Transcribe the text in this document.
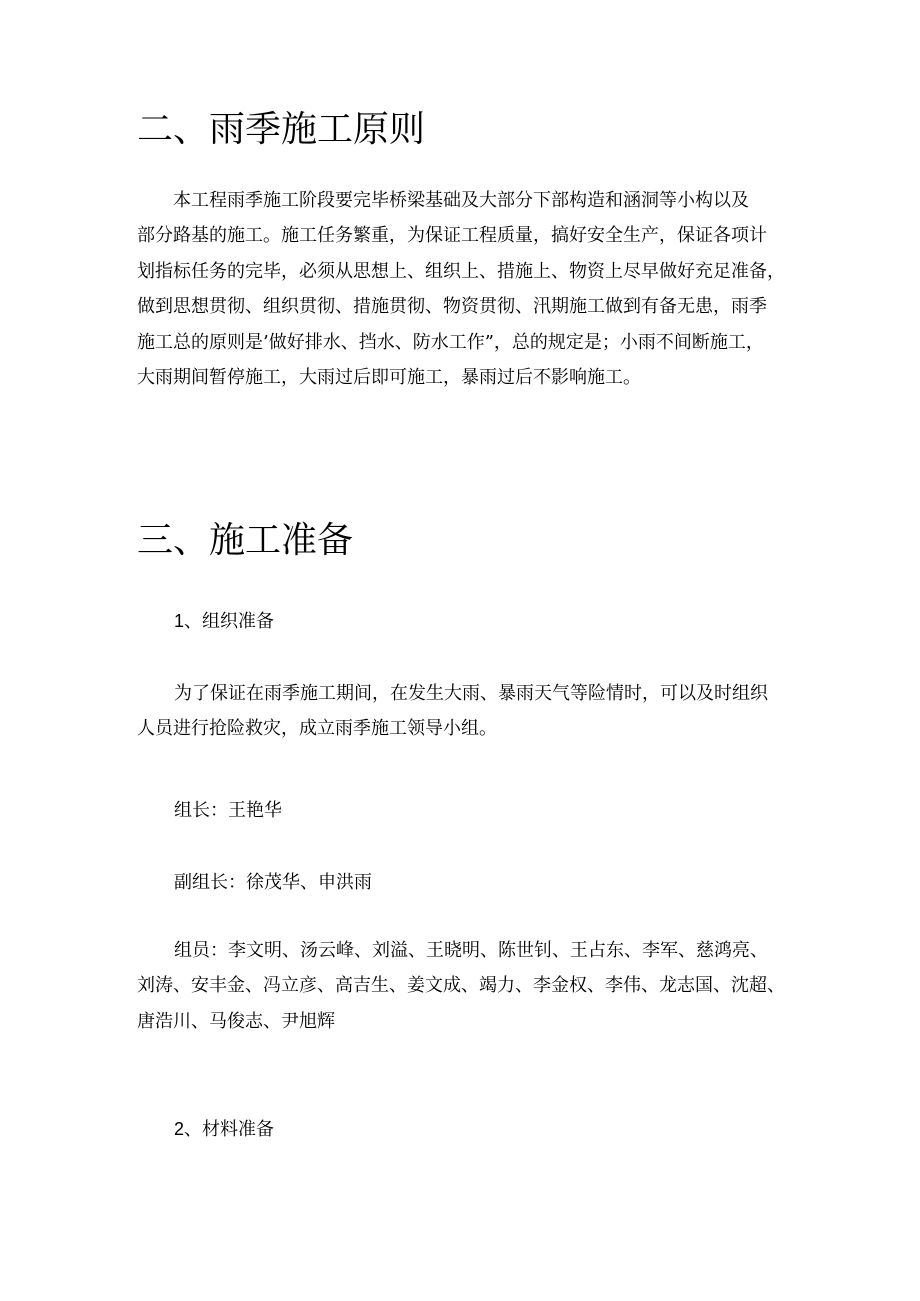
二、雨季施工原则
本工程雨季施工阶段要完毕桥梁基础及大部分下部构造和涵洞等小构以及
部分路基的施工。施工任务繁重，为保证工程质量，搞好安全生产，保证各项计
划指标任务的完毕，必须从思想上、组织上、措施上、物资上尽早做好充足准备，
做到思想贯彻、组织贯彻、措施贯彻、物资贯彻、汛期施工做到有备无患，雨季
施工总的原则是’做好排水、挡水、防水工作”，总的规定是；小雨不间断施工，
大雨期间暂停施工，大雨过后即可施工，暴雨过后不影响施工。
三、施工准备
1、组织准备
为了保证在雨季施工期间，在发生大雨、暴雨天气等险情时，可以及时组织
人员进行抢险救灾，成立雨季施工领导小组。
组长：王艳华
副组长：徐茂华、申洪雨
组员：李文明、汤云峰、刘溢、王晓明、陈世钊、王占东、李军、慈鸿亮、
刘涛、安丰金、冯立彦、高吉生、姜文成、竭力、李金权、李伟、龙志国、沈超、
唐浩川、马俊志、尹旭辉
2、材料准备
